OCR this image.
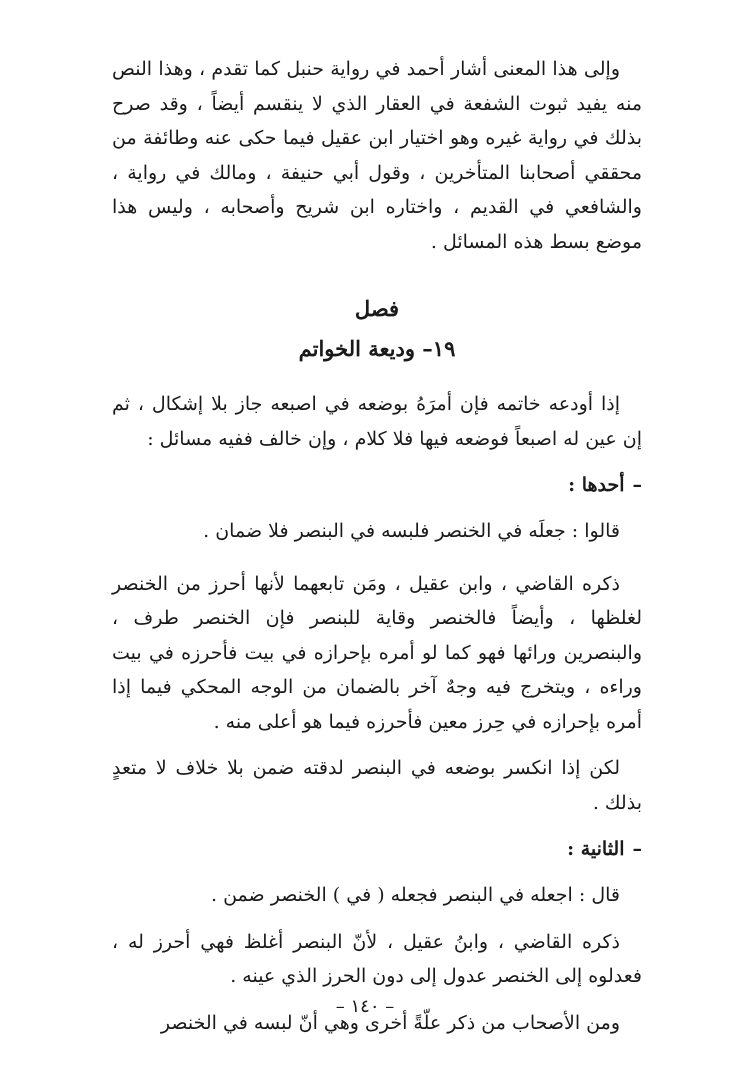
وإلى هذا المعنى أشار أحمد في رواية حنبل كما تقدم ، وهذا النص منه يفيد ثبوت الشفعة في العقار الذي لا ينقسم أيضاً ، وقد صرح بذلك في رواية غيره وهو اختيار ابن عقيل فيما حكى عنه وطائفة من محققي أصحابنا المتأخرين ، وقول أبي حنيفة ، ومالك في رواية ، والشافعي في القديم ، واختاره ابن شريح وأصحابه ، وليس هذا موضع بسط هذه المسائل .

فصل

١٩– وديعة الخواتم

إذا أودعه خاتمه فإن أمرَهُ بوضعه في اصبعه جاز بلا إشكال ، ثم إن عين له اصبعاً فوضعه فيها فلا كلام ، وإن خالف ففيه مسائل :

–أحدها :

قالوا : جعلَه في الخنصر فلبسه في البنصر فلا ضمان .

ذكره القاضي ، وابن عقيل ، ومَن تابعهما لأنها أحرز من الخنصر لغلظها ، وأيضاً فالخنصر وقاية للبنصر فإن الخنصر طرف ، والبنصرين ورائها فهو كما لو أمره بإحرازه في بيت فأحرزه في بيت وراءه ، ويتخرج فيه وجهٌ آخر بالضمان من الوجه المحكي فيما إذا أمره بإحرازه في حِرز معين فأحرزه فيما هو أعلى منه .

لكن إذا انكسر بوضعه في البنصر لدقته ضمن بلا خلاف لا متعدٍ بذلك .

–الثانية :

قال : اجعله في البنصر فجعله ( في ) الخنصر ضمن .

ذكره القاضي ، وابنُ عقيل ، لأنّ البنصر أغلظ فهي أحرز له ، فعدلوه إلى الخنصر عدول إلى دون الحرز الذي عينه .

ومن الأصحاب من ذكر علّةً أخرى وهي أنّ لبسه في الخنصر

– ١٤٠ –
